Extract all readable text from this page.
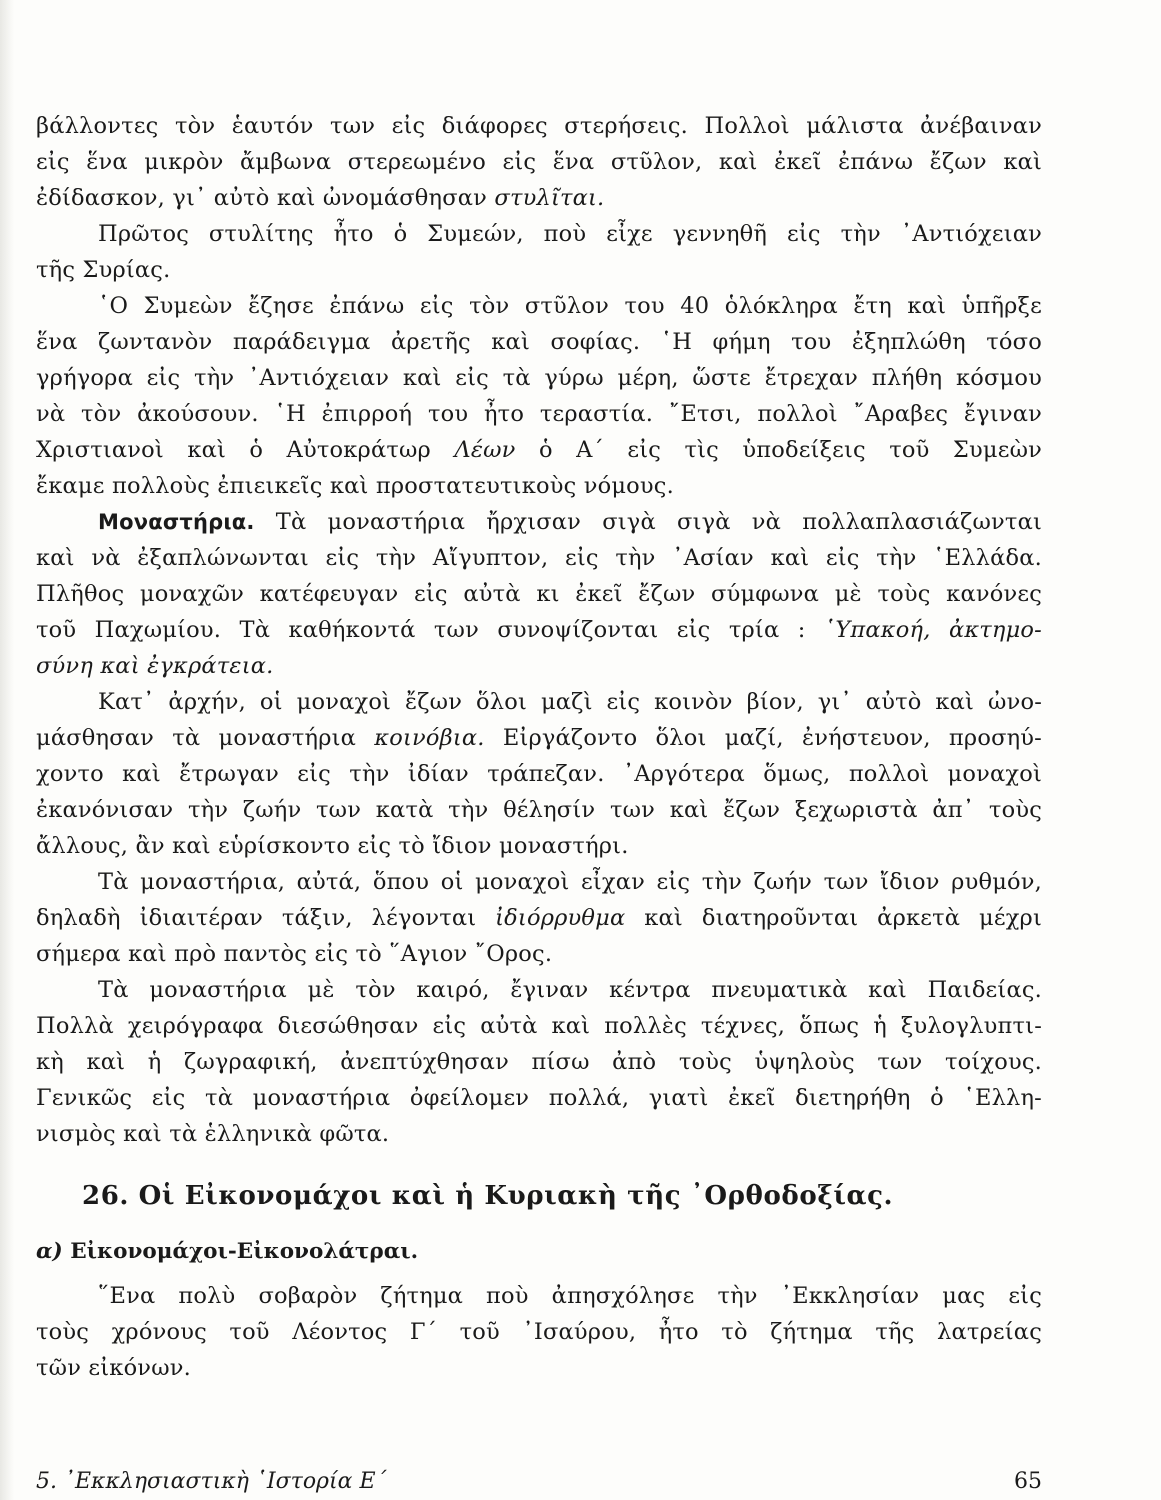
βάλλοντες τὸν ἑαυτόν των εἰς διάφορες στερήσεις. Πολλοὶ μάλιστα ἀνέβαιναν
εἰς ἕνα μικρὸν ἄμβωνα στερεωμένο εἰς ἕνα στῦλον, καὶ ἐκεῖ ἐπάνω ἔζων καὶ
ἐδίδασκον, γι᾽ αὐτὸ καὶ ὠνομάσθησαν στυλῖται.
Πρῶτος στυλίτης ἦτο ὁ Συμεών, ποὺ εἶχε γεννηθῆ εἰς τὴν ᾽Αντιόχειαν
τῆς Συρίας.
῾Ο Συμεὼν ἔζησε ἐπάνω εἰς τὸν στῦλον του 40 ὁλόκληρα ἔτη καὶ ὑπῆρξε
ἕνα ζωντανὸν παράδειγμα ἀρετῆς καὶ σοφίας. ῾Η φήμη του ἐξηπλώθη τόσο
γρήγορα εἰς τὴν ᾽Αντιόχειαν καὶ εἰς τὰ γύρω μέρη, ὥστε ἔτρεχαν πλήθη κόσμου
νὰ τὸν ἀκούσουν. ῾Η ἐπιρροή του ἦτο τεραστία. ῎Ετσι, πολλοὶ ῎Αραβες ἔγιναν
Χριστιανοὶ καὶ ὁ Αὐτοκράτωρ Λέων ὁ Α´ εἰς τὶς ὑποδείξεις τοῦ Συμεὼν
ἔκαμε πολλοὺς ἐπιεικεῖς καὶ προστατευτικοὺς νόμους.
Μοναστήρια. Τὰ μοναστήρια ἤρχισαν σιγὰ σιγὰ νὰ πολλαπλασιάζωνται
καὶ νὰ ἐξαπλώνωνται εἰς τὴν Αἴγυπτον, εἰς τὴν ᾽Ασίαν καὶ εἰς τὴν ῾Ελλάδα.
Πλῆθος μοναχῶν κατέφευγαν εἰς αὐτὰ κι ἐκεῖ ἔζων σύμφωνα μὲ τοὺς κανόνες
τοῦ Παχωμίου. Τὰ καθήκοντά των συνοψίζονται εἰς τρία : ῾Υπακοή, ἀκτημο-
σύνη καὶ ἐγκράτεια.
Κατ᾽ ἀρχήν, οἱ μοναχοὶ ἔζων ὅλοι μαζὶ εἰς κοινὸν βίον, γι᾽ αὐτὸ καὶ ὠνο-
μάσθησαν τὰ μοναστήρια κοινόβια. Εἰργάζοντο ὅλοι μαζί, ἐνήστευον, προσηύ-
χοντο καὶ ἔτρωγαν εἰς τὴν ἰδίαν τράπεζαν. ᾽Αργότερα ὅμως, πολλοὶ μοναχοὶ
ἐκανόνισαν τὴν ζωήν των κατὰ τὴν θέλησίν των καὶ ἔζων ξεχωριστὰ ἀπ᾽ τοὺς
ἄλλους, ἂν καὶ εὑρίσκοντο εἰς τὸ ἴδιον μοναστήρι.
Τὰ μοναστήρια, αὐτά, ὅπου οἱ μοναχοὶ εἶχαν εἰς τὴν ζωήν των ἴδιον ρυθμόν,
δηλαδὴ ἰδιαιτέραν τάξιν, λέγονται ἰδιόρρυθμα καὶ διατηροῦνται ἀρκετὰ μέχρι
σήμερα καὶ πρὸ παντὸς εἰς τὸ ῞Αγιον ῎Ορος.
Τὰ μοναστήρια μὲ τὸν καιρό, ἔγιναν κέντρα πνευματικὰ καὶ Παιδείας.
Πολλὰ χειρόγραφα διεσώθησαν εἰς αὐτὰ καὶ πολλὲς τέχνες, ὅπως ἡ ξυλογλυπτι-
κὴ καὶ ἡ ζωγραφική, ἀνεπτύχθησαν πίσω ἀπὸ τοὺς ὑψηλοὺς των τοίχους.
Γενικῶς εἰς τὰ μοναστήρια ὀφείλομεν πολλά, γιατὶ ἐκεῖ διετηρήθη ὁ ῾Ελλη-
νισμὸς καὶ τὰ ἑλληνικὰ φῶτα.
26. Οἱ Εἰκονομάχοι καὶ ἡ Κυριακὴ τῆς ᾽Ορθοδοξίας.
α) Εἰκονομάχοι-Εἰκονολάτραι.
῞Ενα πολὺ σοβαρὸν ζήτημα ποὺ ἀπησχόλησε τὴν ᾽Εκκλησίαν μας εἰς
τοὺς χρόνους τοῦ Λέοντος Γ´ τοῦ ᾽Ισαύρου, ἦτο τὸ ζήτημα τῆς λατρείας
τῶν εἰκόνων.
5. ᾽Εκκλησιαστικὴ ῾Ιστορία Ε´	65
